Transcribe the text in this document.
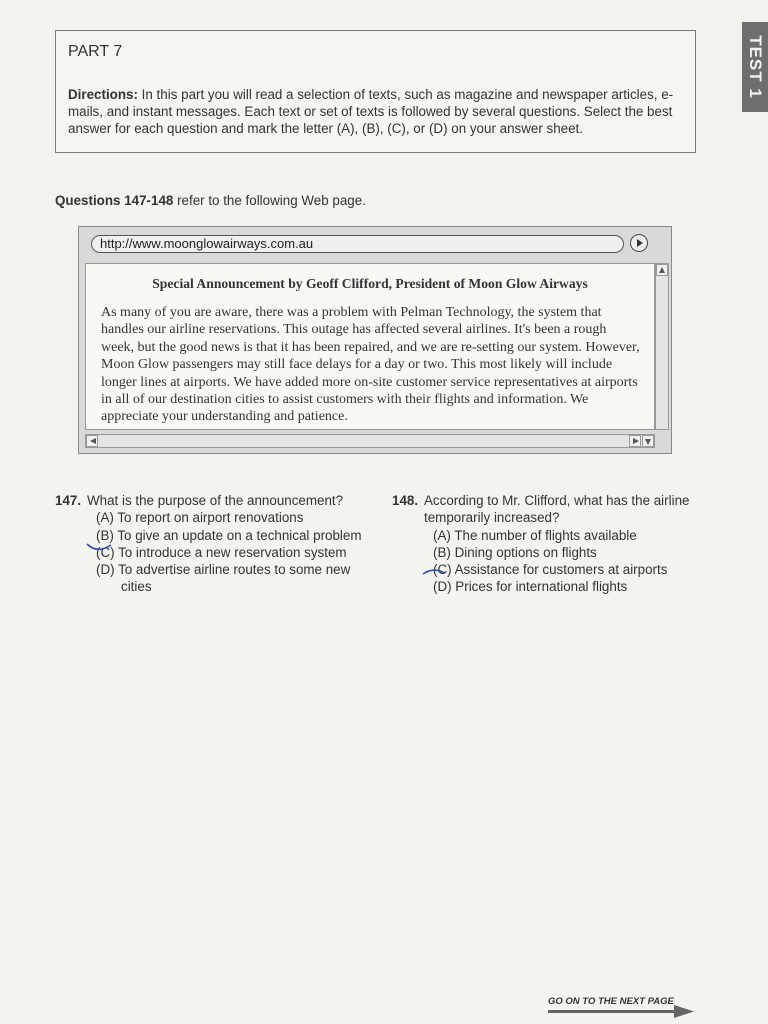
PART 7
Directions: In this part you will read a selection of texts, such as magazine and newspaper articles, e-mails, and instant messages. Each text or set of texts is followed by several questions. Select the best answer for each question and mark the letter (A), (B), (C), or (D) on your answer sheet.
TEST 1
Questions 147-148 refer to the following Web page.
http://www.moonglowairways.com.au
Special Announcement by Geoff Clifford, President of Moon Glow Airways
As many of you are aware, there was a problem with Pelman Technology, the system that handles our airline reservations. This outage has affected several airlines. It's been a rough week, but the good news is that it has been repaired, and we are re-setting our system. However, Moon Glow passengers may still face delays for a day or two. This most likely will include longer lines at airports. We have added more on-site customer service representatives at airports in all of our destination cities to assist customers with their flights and information. We appreciate your understanding and patience.
147. What is the purpose of the announcement?
(A) To report on airport renovations
(B) To give an update on a technical problem
(C) To introduce a new reservation system
(D) To advertise airline routes to some new cities
148. According to Mr. Clifford, what has the airline temporarily increased?
(A) The number of flights available
(B) Dining options on flights
(C) Assistance for customers at airports
(D) Prices for international flights
GO ON TO THE NEXT PAGE
